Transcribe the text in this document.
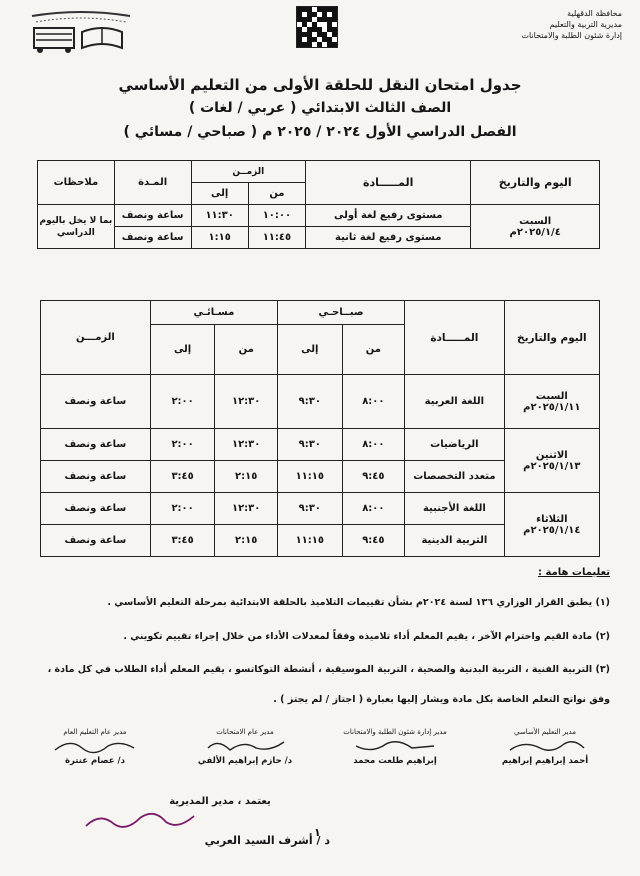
محافظة الدقهلية
مديرية التربية والتعليم
إدارة شئون الطلبة والامتحانات
جدول امتحان النقل للحلقة الأولى من التعليم الأساسي
الصف الثالث الابتدائي ( عربي / لغات )
الفصل الدراسي الأول ٢٠٢٤ / ٢٠٢٥ م ( صباحي / مسائي )
اليوم والتاريخ	المـــــادة	الزمــن		المـدة	ملاحظات
		من	إلى		

السبت
٢٠٢٥/١/٤م	مستوى رفيع لغة أولى	١٠:٠٠	١١:٣٠	ساعة ونصف	بما لا يخل باليوم الدراسي
	مستوى رفيع لغة ثانية	١١:٤٥	١:١٥	ساعة ونصف	
اليوم والتاريخ	المـــــادة	صبــاحـي		مسـائـي		الزمـــن
		من	إلى	من	إلى	

السبت
٢٠٢٥/١/١١م	اللغة العربية	٨:٠٠	٩:٣٠	١٢:٣٠	٢:٠٠	ساعة ونصف

الاثنين
٢٠٢٥/١/١٣م	الرياضيات	٨:٠٠	٩:٣٠	١٢:٣٠	٢:٠٠	ساعة ونصف
	متعدد التخصصات	٩:٤٥	١١:١٥	٢:١٥	٣:٤٥	ساعة ونصف

الثلاثاء
٢٠٢٥/١/١٤م	اللغة الأجنبية	٨:٠٠	٩:٣٠	١٢:٣٠	٢:٠٠	ساعة ونصف
	التربية الدينية	٩:٤٥	١١:١٥	٢:١٥	٣:٤٥	ساعة ونصف
تعليمات هامة :
(١) يطبق القرار الوزاري ١٣٦ لسنة ٢٠٢٤م بشأن تقييمات التلاميذ بالحلقة الابتدائية بمرحلة التعليم الأساسي .
(٢) مادة القيم واحترام الآخر ، يقيم المعلم أداء تلاميذه وفقاً لمعدلات الأداء من خلال إجراء تقييم تكويني .
(٣) التربية الفنية ، التربية البدنية والصحية ، التربية الموسيقية ، أنشطة التوكاتسو ، يقيم المعلم أداء الطلاب في كل مادة ،
وفق نواتج التعلم الخاصة بكل مادة ويشار إليها بعبارة ( اجتاز / لم يجتز ) .
مدير عام التعليم العام
د/ عصام عنترة
مدير عام الامتحانات
د/ حازم إبراهيم الألفي
مدير إدارة شئون الطلبة والامتحانات
إبراهيم طلعت محمد
مدير التعليم الأساسي
أحمد إبراهيم إبراهيم
يعتمد ، مدير المديرية
د / أشرف السيد العربي
١
